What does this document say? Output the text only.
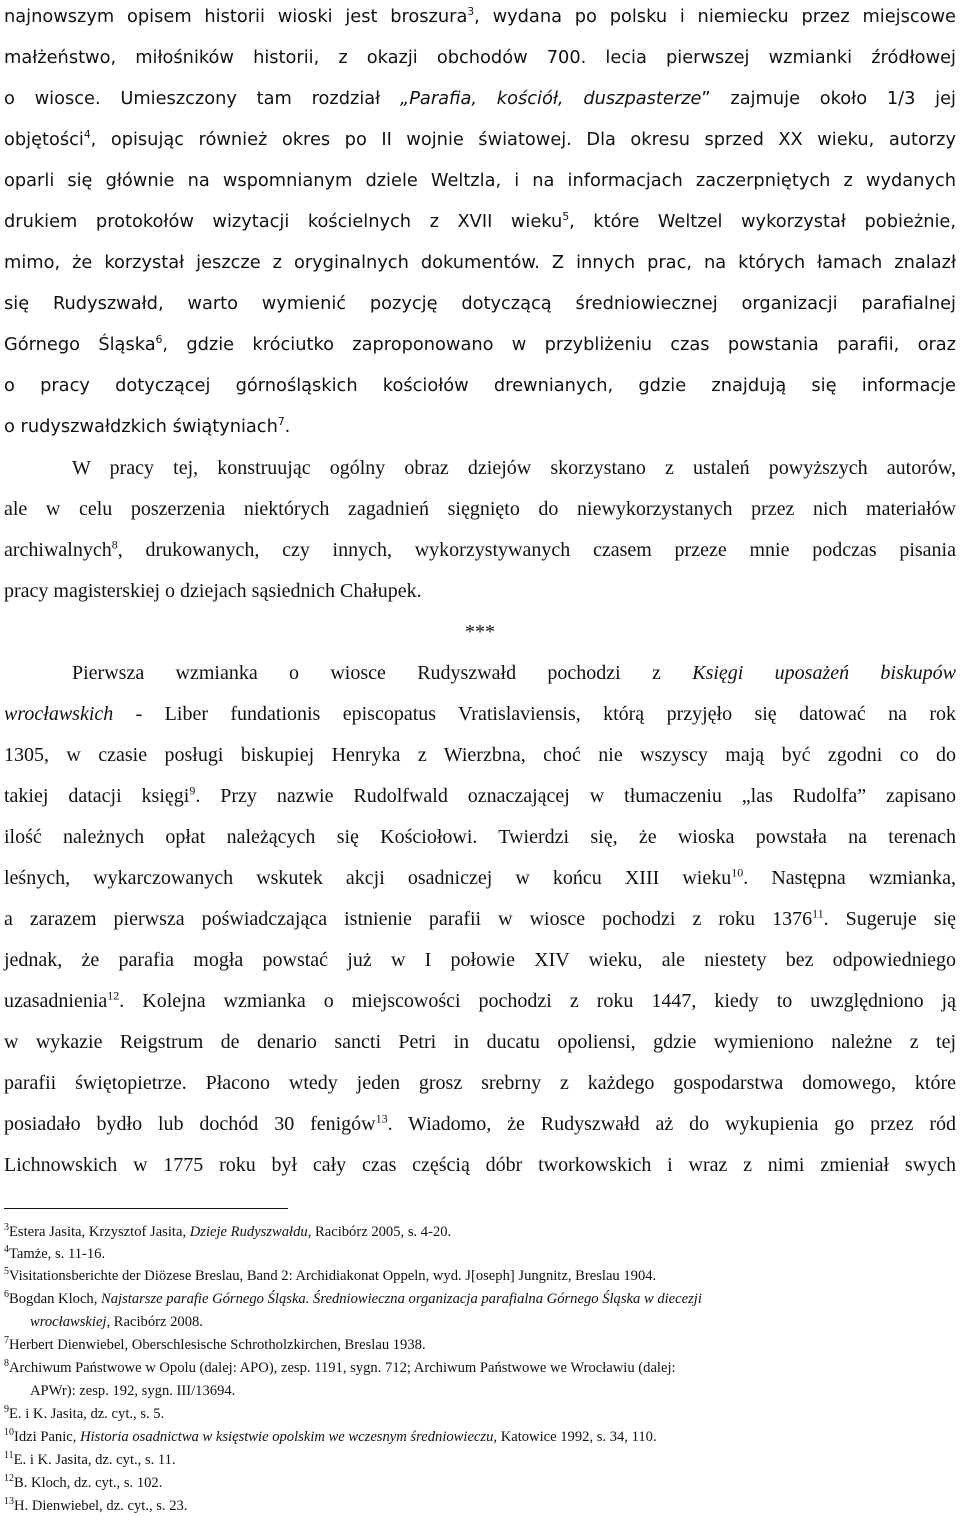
najnowszym opisem historii wioski jest broszura$^3$, wydana po polsku i niemiecku przez miejscowe

małżeństwo, miłośników historii, z okazji obchodów 700. lecia pierwszej wzmianki źródłowej

o wiosce. Umieszczony tam rozdział „Parafia, kościół, duszpasterze” zajmuje około 1/3 jej

objętości$^4$, opisując również okres po II wojnie światowej. Dla okresu sprzed XX wieku, autorzy

oparli się głównie na wspomnianym dziele Weltzla, i na informacjach zaczerpniętych z wydanych

drukiem protokołów wizytacji kościelnych z XVII wieku$^5$, które Weltzel wykorzystał pobieżnie,

mimo, że korzystał jeszcze z oryginalnych dokumentów. Z innych prac, na których łamach znalazł

się Rudyszwałd, warto wymienić pozycję dotyczącą średniowiecznej organizacji parafialnej

Górnego Śląska$^6$, gdzie króciutko zaproponowano w przybliżeniu czas powstania parafii, oraz

o pracy dotyczącej górnośląskich kościołów drewnianych, gdzie znajdują się informacje

o rudyszwałdzkich świątyniach$^7$.

W pracy tej, konstruując ogólny obraz dziejów skorzystano z ustaleń powyższych autorów,

ale w celu poszerzenia niektórych zagadnień sięgnięto do niewykorzystanych przez nich materiałów

archiwalnych$^8$, drukowanych, czy innych, wykorzystywanych czasem przeze mnie podczas pisania

pracy magisterskiej o dziejach sąsiednich Chałupek.

***

Pierwsza wzmianka o wiosce Rudyszwałd pochodzi z Księgi uposażeń biskupów

wrocławskich - Liber fundationis episcopatus Vratislaviensis, którą przyjęło się datować na rok

1305, w czasie posługi biskupiej Henryka z Wierzbna, choć nie wszyscy mają być zgodni co do

takiej datacji księgi$^9$. Przy nazwie Rudolfwald oznaczającej w tłumaczeniu „las Rudolfa” zapisano

ilość należnych opłat należących się Kościołowi. Twierdzi się, że wioska powstała na terenach

leśnych, wykarczowanych wskutek akcji osadniczej w końcu XIII wieku$^{10}$. Następna wzmianka,

a zarazem pierwsza poświadczająca istnienie parafii w wiosce pochodzi z roku 1376$^{11}$. Sugeruje się

jednak, że parafia mogła powstać już w I połowie XIV wieku, ale niestety bez odpowiedniego

uzasadnienia$^{12}$. Kolejna wzmianka o miejscowości pochodzi z roku 1447, kiedy to uwzględniono ją

w wykazie Reigstrum de denario sancti Petri in ducatu opoliensi, gdzie wymieniono należne z tej

parafii świętopietrze. Płacono wtedy jeden grosz srebrny z każdego gospodarstwa domowego, które

posiadało bydło lub dochód 30 fenigów$^{13}$. Wiadomo, że Rudyszwałd aż do wykupienia go przez ród

Lichnowskich w 1775 roku był cały czas częścią dóbr tworkowskich i wraz z nimi zmieniał swych

$^3$Estera Jasita, Krzysztof Jasita, Dzieje Rudyszwałdu, Racibórz 2005, s. 4-20.

$^4$Tamże, s. 11-16.

$^5$Visitationsberichte der Diözese Breslau, Band 2: Archidiakonat Oppeln, wyd. J[oseph] Jungnitz, Breslau 1904.

$^6$Bogdan Kloch, Najstarsze parafie Górnego Śląska. Średniowieczna organizacja parafialna Górnego Śląska w diecezji

wrocławskiej, Racibórz 2008.

$^7$Herbert Dienwiebel, Oberschlesische Schrotholzkirchen, Breslau 1938.

$^8$Archiwum Państwowe w Opolu (dalej: APO), zesp. 1191, sygn. 712; Archiwum Państwowe we Wrocławiu (dalej:

APWr): zesp. 192, sygn. III/13694.

$^9$E. i K. Jasita, dz. cyt., s. 5.

$^{10}$Idzi Panic, Historia osadnictwa w księstwie opolskim we wczesnym średniowieczu, Katowice 1992, s. 34, 110.

$^{11}$E. i K. Jasita, dz. cyt., s. 11.

$^{12}$B. Kloch, dz. cyt., s. 102.

$^{13}$H. Dienwiebel, dz. cyt., s. 23.
